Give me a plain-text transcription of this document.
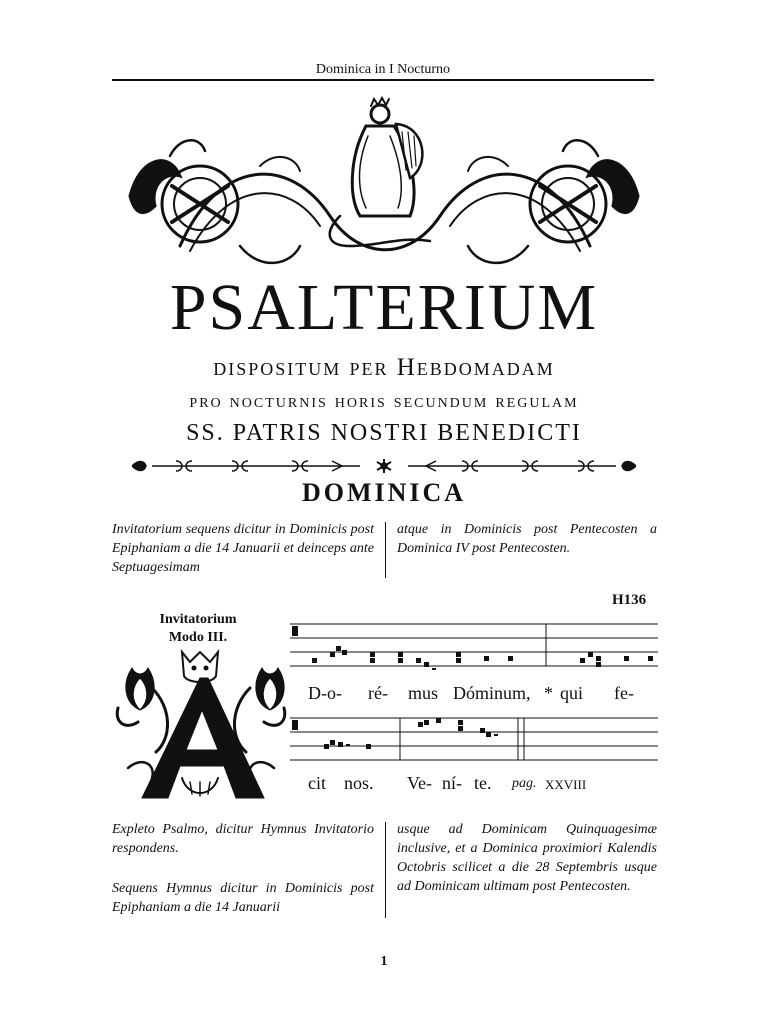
Dominica in I Nocturno
PSALTERIUM
dispositum per Hebdomadam
pro nocturnis horis secundum regulam
SS. PATRIS NOSTRI BENEDICTI
DOMINICA
Invitatorium sequens dicitur in Dominicis post Epiphaniam a die 14 Januarii et deinceps ante Septuagesimam
atque in Dominicis post Pentecosten a Dominica IV post Pentecosten.
H136
Invitatorium
Modo III.
D-o- ré- mus Dóminum, * qui fe-
cit nos. Ve- ní- te. pag. XXVIII
Expleto Psalmo, dicitur Hymnus Invitatorio respondens.
Sequens Hymnus dicitur in Dominicis post Epiphaniam a die 14 Januarii
usque ad Dominicam Quinquagesimæ inclusive, et a Dominica proximiori Kalendis Octobris scilicet a die 28 Septembris usque ad Dominicam ultimam post Pentecosten.
1
